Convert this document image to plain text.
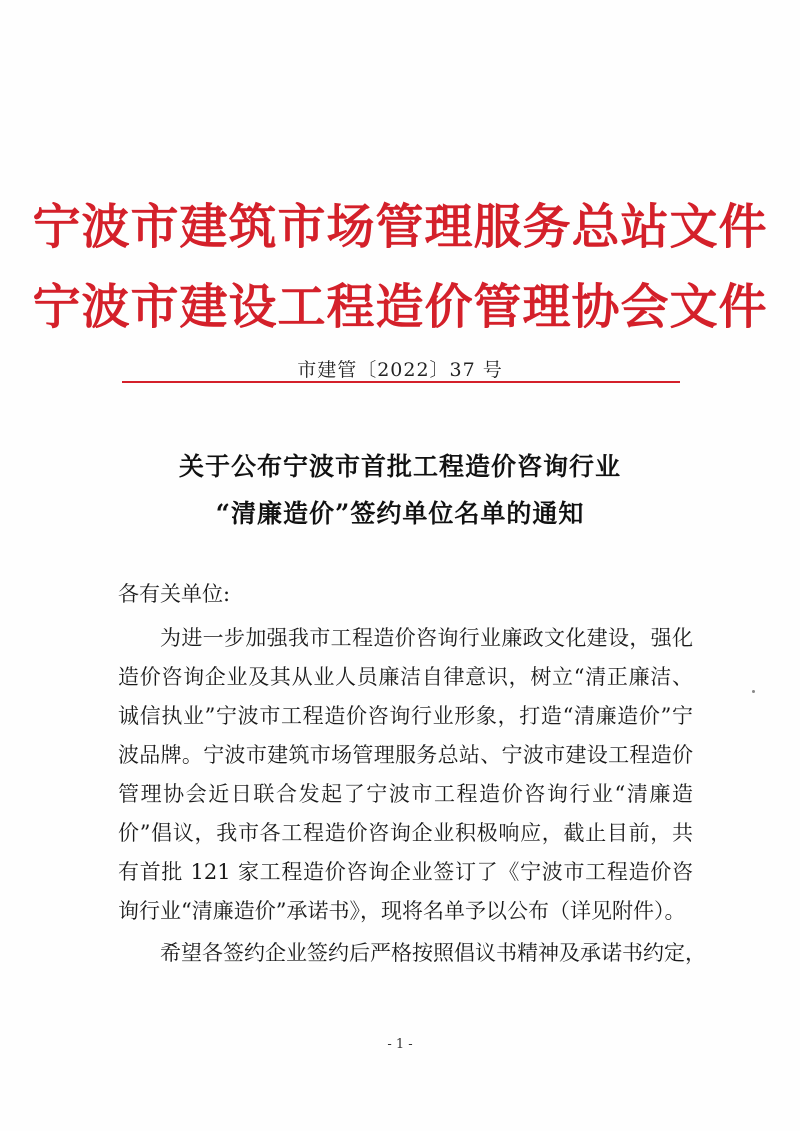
宁波市建筑市场管理服务总站文件
宁波市建设工程造价管理协会文件
市建管〔2022〕37 号
关于公布宁波市首批工程造价咨询行业
“清廉造价”签约单位名单的通知
各有关单位:
为进一步加强我市工程造价咨询行业廉政文化建设，强化造价咨询企业及其从业人员廉洁自律意识，树立“清正廉洁、诚信执业”宁波市工程造价咨询行业形象，打造“清廉造价”宁波品牌。宁波市建筑市场管理服务总站、宁波市建设工程造价管理协会近日联合发起了宁波市工程造价咨询行业“清廉造价”倡议，我市各工程造价咨询企业积极响应，截止目前，共有首批 121 家工程造价咨询企业签订了《宁波市工程造价咨询行业“清廉造价”承诺书》，现将名单予以公布（详见附件）。
希望各签约企业签约后严格按照倡议书精神及承诺书约定，
- 1 -
